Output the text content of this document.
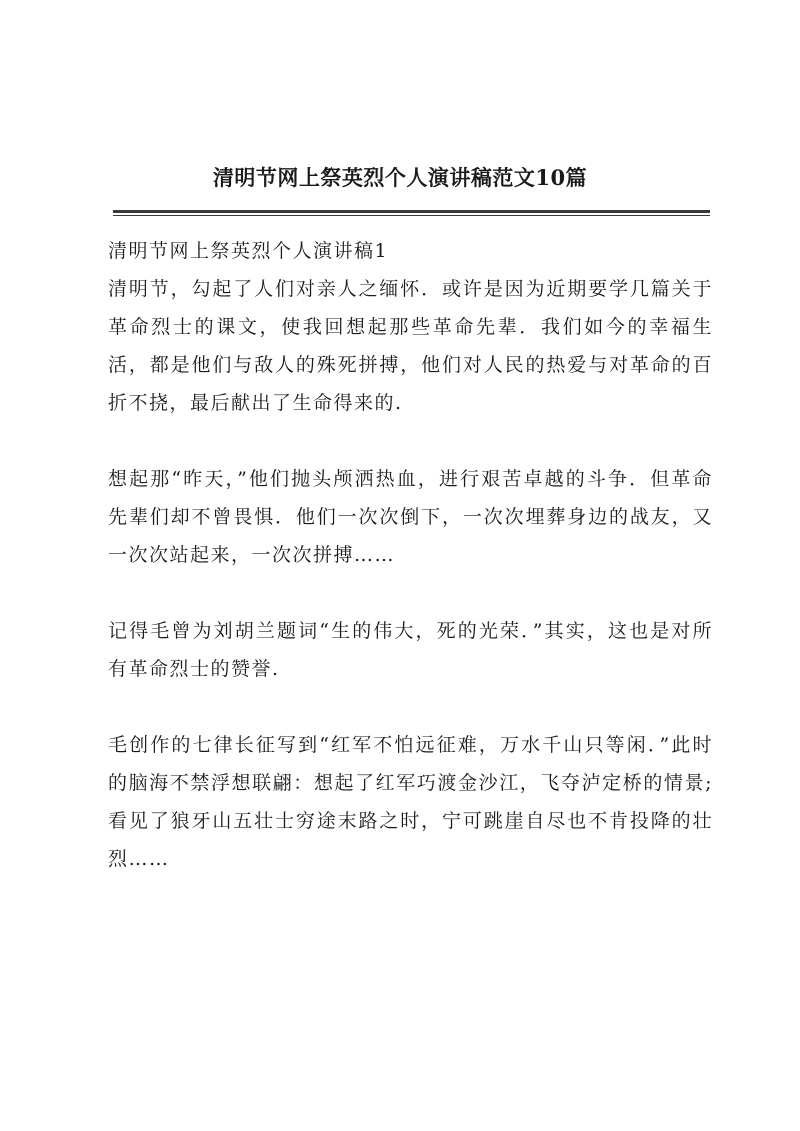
清明节网上祭英烈个人演讲稿范文10篇

清明节网上祭英烈个人演讲稿1

清明节，勾起了人们对亲人之缅怀．或许是因为近期要学几篇关于革命烈士的课文，使我回想起那些革命先辈．我们如今的幸福生活，都是他们与敌人的殊死拼搏，他们对人民的热爱与对革命的百折不挠，最后献出了生命得来的.

想起那“昨天，”他们抛头颅洒热血，进行艰苦卓越的斗争．但革命先辈们却不曾畏惧．他们一次次倒下，一次次埋葬身边的战友，又一次次站起来，一次次拼搏……

记得毛曾为刘胡兰题词“生的伟大，死的光荣．”其实，这也是对所有革命烈士的赞誉.

毛创作的七律长征写到“红军不怕远征难，万水千山只等闲．”此时的脑海不禁浮想联翩：想起了红军巧渡金沙江，飞夺泸定桥的情景;看见了狼牙山五壮士穷途末路之时，宁可跳崖自尽也不肯投降的壮烈……
